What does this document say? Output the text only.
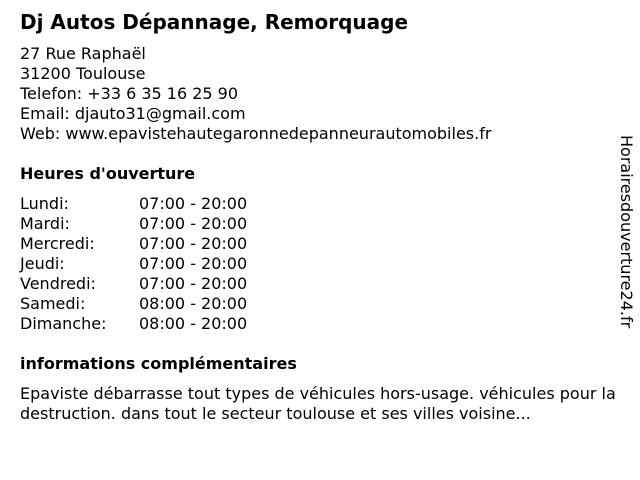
Dj Autos Dépannage, Remorquage
27 Rue Raphaël
31200 Toulouse
Telefon: +33 6 35 16 25 90
Email: djauto31@gmail.com
Web: www.epavistehautegaronnedepanneurautomobiles.fr
Heures d'ouverture
Lundi:	07:00 - 20:00
Mardi:	07:00 - 20:00
Mercredi:	07:00 - 20:00
Jeudi:	07:00 - 20:00
Vendredi:	07:00 - 20:00
Samedi:	08:00 - 20:00
Dimanche:	08:00 - 20:00
informations complémentaires
Epaviste débarrasse tout types de véhicules hors-usage. véhicules pour la destruction. dans tout le secteur toulouse et ses villes voisine...
Horairesdouverture24.fr
